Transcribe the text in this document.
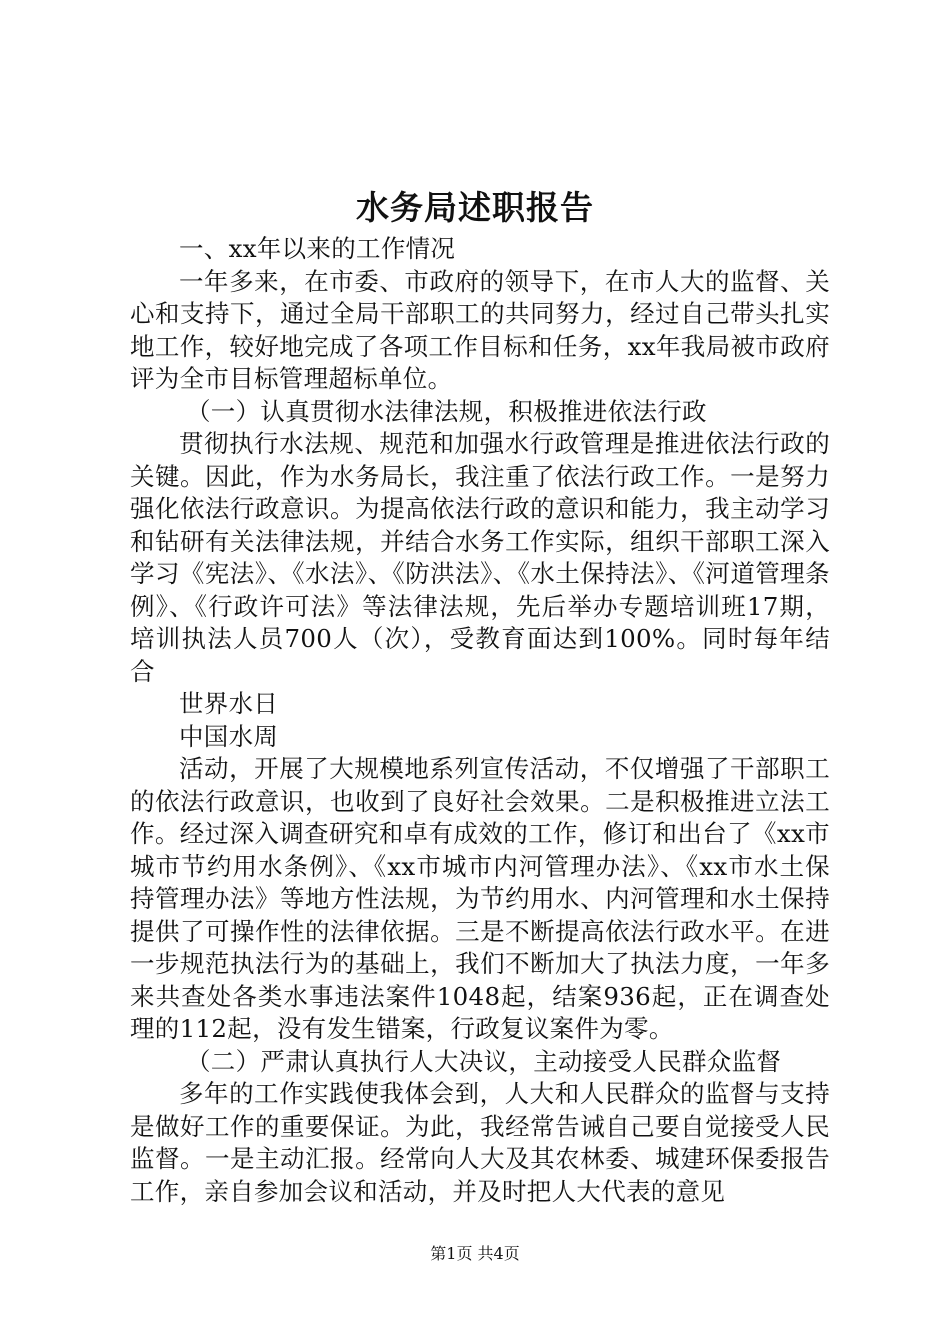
水务局述职报告

一、xx年以来的工作情况

一年多来，在市委、市政府的领导下，在市人大的监督、关心和支持下，通过全局干部职工的共同努力，经过自己带头扎实地工作，较好地完成了各项工作目标和任务，xx年我局被市政府评为全市目标管理超标单位。

（一）认真贯彻水法律法规，积极推进依法行政

贯彻执行水法规、规范和加强水行政管理是推进依法行政的关键。因此，作为水务局长，我注重了依法行政工作。一是努力强化依法行政意识。为提高依法行政的意识和能力，我主动学习和钻研有关法律法规，并结合水务工作实际，组织干部职工深入学习《宪法》、《水法》、《防洪法》、《水土保持法》、《河道管理条例》、《行政许可法》等法律法规，先后举办专题培训班17期，培训执法人员700人（次），受教育面达到100%。同时每年结合

世界水日

中国水周

活动，开展了大规模地系列宣传活动，不仅增强了干部职工的依法行政意识，也收到了良好社会效果。二是积极推进立法工作。经过深入调查研究和卓有成效的工作，修订和出台了《xx市城市节约用水条例》、《xx市城市内河管理办法》、《xx市水土保持管理办法》等地方性法规，为节约用水、内河管理和水土保持提供了可操作性的法律依据。三是不断提高依法行政水平。在进一步规范执法行为的基础上，我们不断加大了执法力度，一年多来共查处各类水事违法案件1048起，结案936起，正在调查处理的112起，没有发生错案，行政复议案件为零。

（二）严肃认真执行人大决议，主动接受人民群众监督

多年的工作实践使我体会到，人大和人民群众的监督与支持是做好工作的重要保证。为此，我经常告诫自己要自觉接受人民监督。一是主动汇报。经常向人大及其农林委、城建环保委报告工作，亲自参加会议和活动，并及时把人大代表的意见

第1页 共4页
